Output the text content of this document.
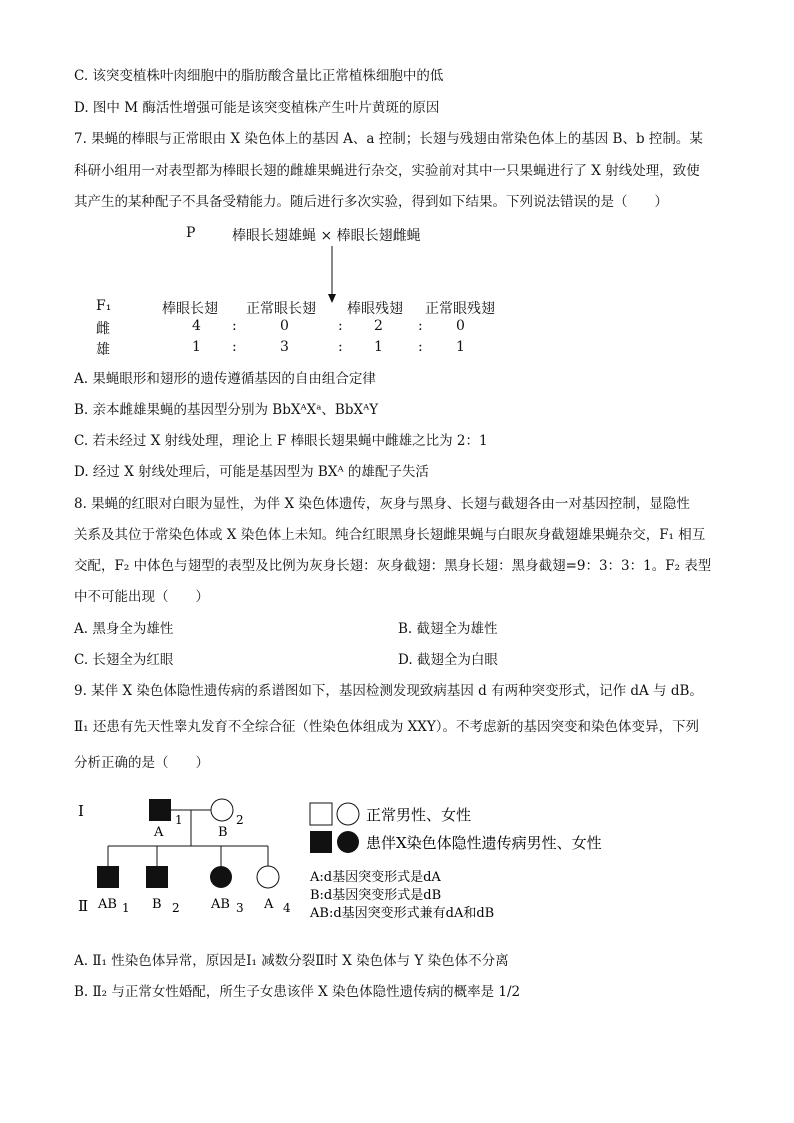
C. 该突变植株叶肉细胞中的脂肪酸含量比正常植株细胞中的低
D. 图中 M 酶活性增强可能是该突变植株产生叶片黄斑的原因
7. 果蝇的棒眼与正常眼由 X 染色体上的基因 A、a 控制；长翅与残翅由常染色体上的基因 B、b 控制。某
科研小组用一对表型都为棒眼长翅的雌雄果蝇进行杂交，实验前对其中一只果蝇进行了 X 射线处理，致使
其产生的某种配子不具备受精能力。随后进行多次实验，得到如下结果。下列说法错误的是（　　）
P	棒眼长翅雄蝇 × 棒眼长翅雌蝇
F₁	棒眼长翅 正常眼长翅 棒眼残翅 正常眼残翅
雌	4 :	0	: 2	: 0
雄	1 :	3	: 1	: 1
A. 果蝇眼形和翅形的遗传遵循基因的自由组合定律
B. 亲本雌雄果蝇的基因型分别为 BbXᴬXᵃ、BbXᴬY
C. 若未经过 X 射线处理，理论上 F 棒眼长翅果蝇中雌雄之比为 2：1
D. 经过 X 射线处理后，可能是基因型为 BXᴬ 的雄配子失活
8. 果蝇的红眼对白眼为显性，为伴 X 染色体遗传，灰身与黑身、长翅与截翅各由一对基因控制，显隐性
关系及其位于常染色体或 X 染色体上未知。纯合红眼黑身长翅雌果蝇与白眼灰身截翅雄果蝇杂交，F₁ 相互
交配，F₂ 中体色与翅型的表型及比例为灰身长翅：灰身截翅：黑身长翅：黑身截翅=9：3：3：1。F₂ 表型
中不可能出现（　　）
A. 黑身全为雄性	B. 截翅全为雄性
C. 长翅全为红眼	D. 截翅全为白眼
9. 某伴 X 染色体隐性遗传病的系谱图如下，基因检测发现致病基因 d 有两种突变形式，记作 dA 与 dB。
Ⅱ₁ 还患有先天性睾丸发育不全综合征（性染色体组成为 XXY）。不考虑新的基因突变和染色体变异，下列
分析正确的是（　　）
Ⅰ
Ⅱ
1
A
2
B
1
AB	2
B	3
AB	4
A
正常男性、女性
患伴X染色体隐性遗传病男性、女性
A:d基因突变形式是dA
B:d基因突变形式是dB
AB:d基因突变形式兼有dA和dB
A. Ⅱ₁ 性染色体异常，原因是Ⅰ₁ 减数分裂Ⅱ时 X 染色体与 Y 染色体不分离
B. Ⅱ₂ 与正常女性婚配，所生子女患该伴 X 染色体隐性遗传病的概率是 1/2
